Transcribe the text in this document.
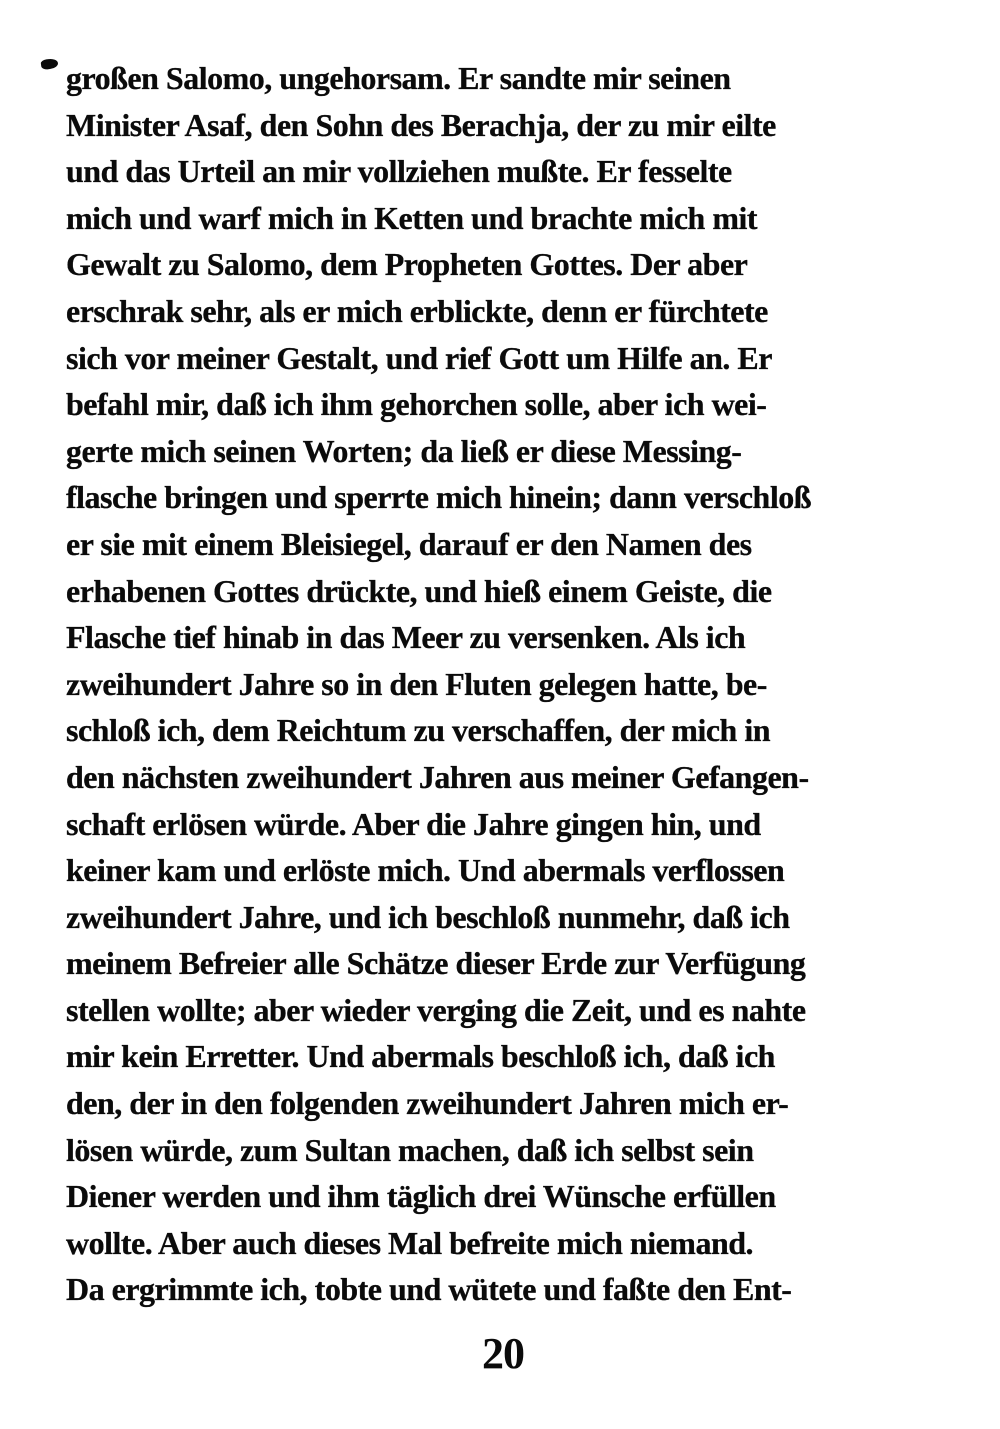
großen Salomo, ungehorsam. Er sandte mir seinen
Minister Asaf, den Sohn des Berachja, der zu mir eilte
und das Urteil an mir vollziehen mußte. Er fesselte
mich und warf mich in Ketten und brachte mich mit
Gewalt zu Salomo, dem Propheten Gottes. Der aber
erschrak sehr, als er mich erblickte, denn er fürchtete
sich vor meiner Gestalt, und rief Gott um Hilfe an. Er
befahl mir, daß ich ihm gehorchen solle, aber ich wei-
gerte mich seinen Worten; da ließ er diese Messing-
flasche bringen und sperrte mich hinein; dann verschloß
er sie mit einem Bleisiegel, darauf er den Namen des
erhabenen Gottes drückte, und hieß einem Geiste, die
Flasche tief hinab in das Meer zu versenken. Als ich
zweihundert Jahre so in den Fluten gelegen hatte, be-
schloß ich, dem Reichtum zu verschaffen, der mich in
den nächsten zweihundert Jahren aus meiner Gefangen-
schaft erlösen würde. Aber die Jahre gingen hin, und
keiner kam und erlöste mich. Und abermals verflossen
zweihundert Jahre, und ich beschloß nunmehr, daß ich
meinem Befreier alle Schätze dieser Erde zur Verfügung
stellen wollte; aber wieder verging die Zeit, und es nahte
mir kein Erretter. Und abermals beschloß ich, daß ich
den, der in den folgenden zweihundert Jahren mich er-
lösen würde, zum Sultan machen, daß ich selbst sein
Diener werden und ihm täglich drei Wünsche erfüllen
wollte. Aber auch dieses Mal befreite mich niemand.
Da ergrimmte ich, tobte und wütete und faßte den Ent-
20
